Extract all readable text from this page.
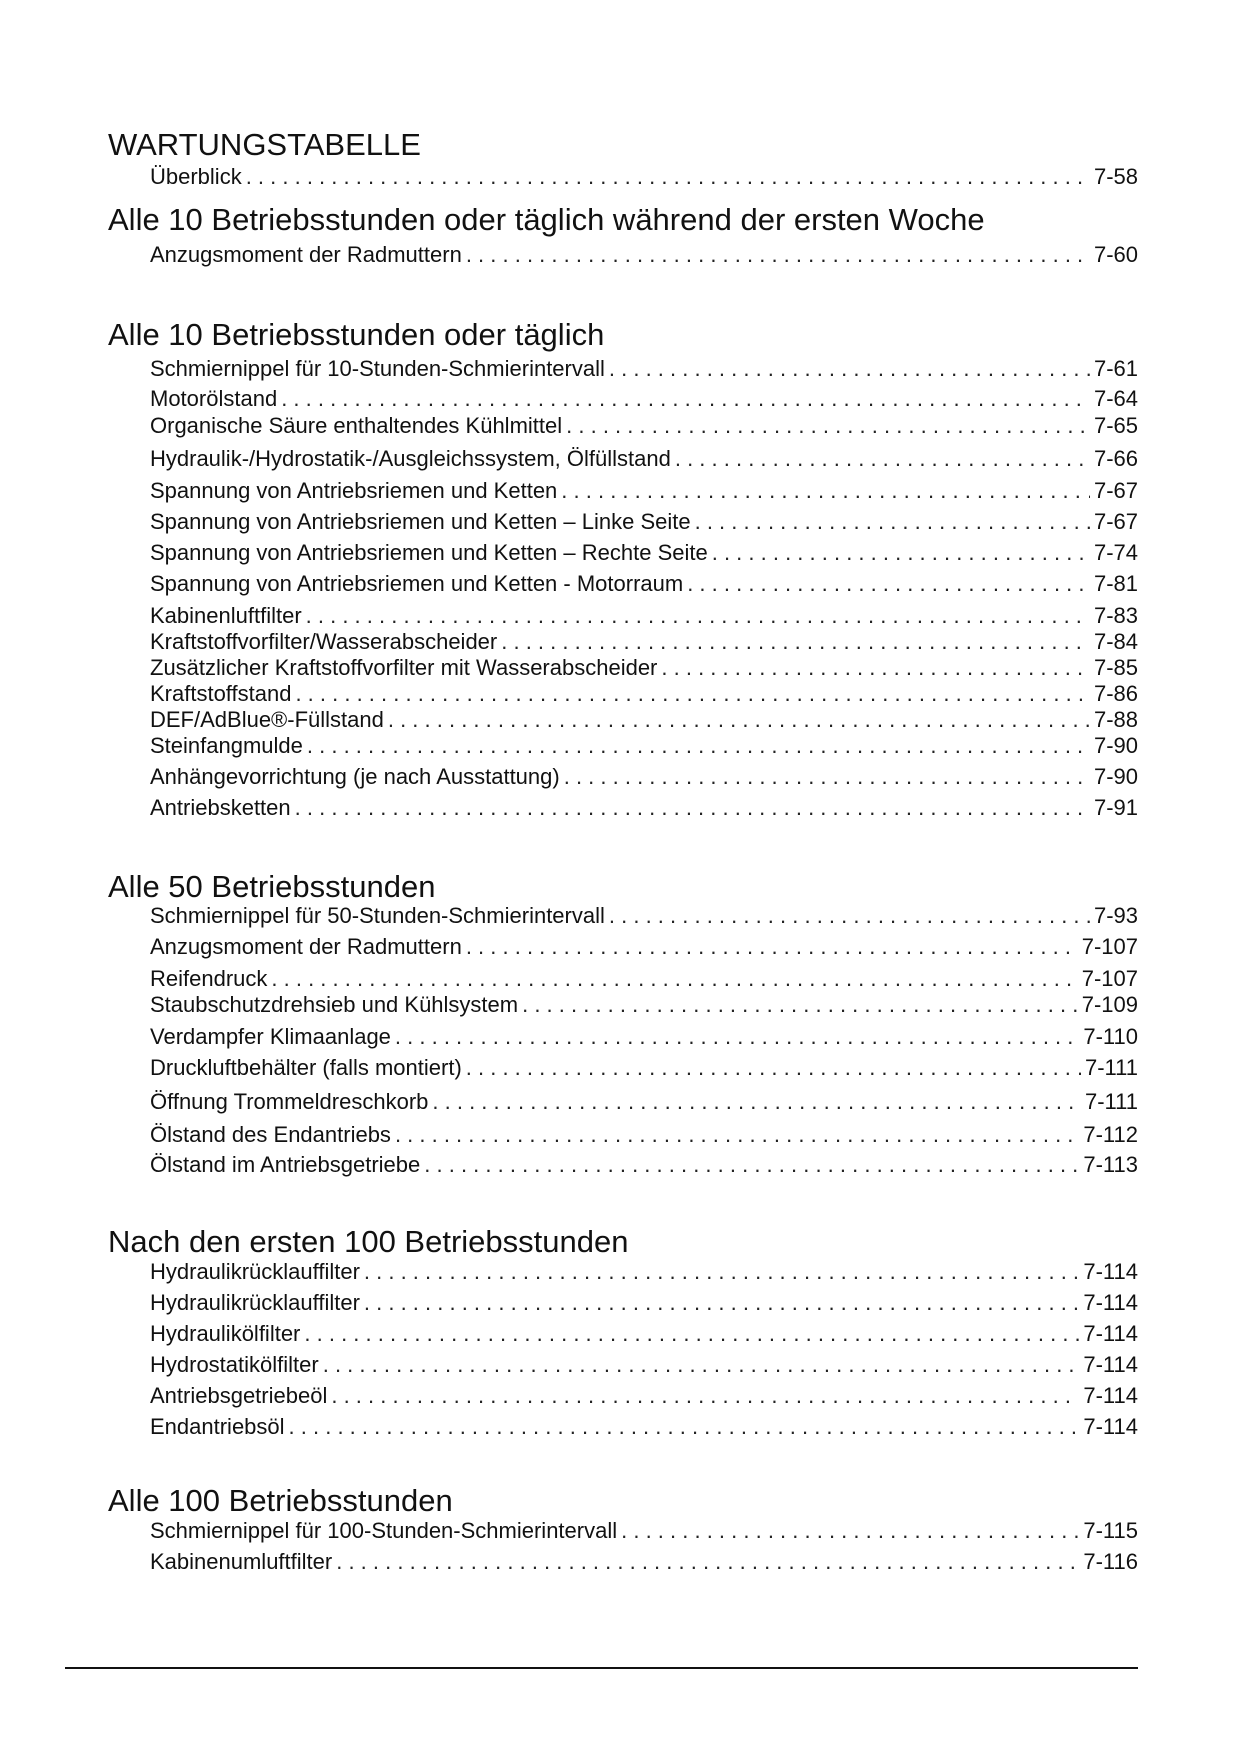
WARTUNGSTABELLE
Überblick . . .	7-58
Alle 10 Betriebsstunden oder täglich während der ersten Woche
Anzugsmoment der Radmuttern . . .	7-60
Alle 10 Betriebsstunden oder täglich
Schmiernippel für 10-Stunden-Schmierintervall . . .	7-61
Motorölstand . . .	7-64
Organische Säure enthaltendes Kühlmittel . . .	7-65
Hydraulik-/Hydrostatik-/Ausgleichssystem, Ölfüllstand . . .	7-66
Spannung von Antriebsriemen und Ketten . . .	7-67
Spannung von Antriebsriemen und Ketten – Linke Seite . . .	7-67
Spannung von Antriebsriemen und Ketten – Rechte Seite . . .	7-74
Spannung von Antriebsriemen und Ketten - Motorraum . . .	7-81
Kabinenluftfilter . . .	7-83
Kraftstoffvorfilter/Wasserabscheider . . .	7-84
Zusätzlicher Kraftstoffvorfilter mit Wasserabscheider . . .	7-85
Kraftstoffstand . . .	7-86
DEF/AdBlue®-Füllstand . . .	7-88
Steinfangmulde . . .	7-90
Anhängevorrichtung (je nach Ausstattung) . . .	7-90
Antriebsketten . . .	7-91
Alle 50 Betriebsstunden
Schmiernippel für 50-Stunden-Schmierintervall . . .	7-93
Anzugsmoment der Radmuttern . . .	7-107
Reifendruck . . .	7-107
Staubschutzdrehsieb und Kühlsystem . . .	7-109
Verdampfer Klimaanlage . . .	7-110
Druckluftbehälter (falls montiert) . . .	7-111
Öffnung Trommeldreschkorb . . .	7-111
Ölstand des Endantriebs . . .	7-112
Ölstand im Antriebsgetriebe . . .	7-113
Nach den ersten 100 Betriebsstunden
Hydraulikrücklauffilter . . .	7-114
Hydraulikrücklauffilter . . .	7-114
Hydraulikölfilter . . .	7-114
Hydrostatikölfilter . . .	7-114
Antriebsgetriebeöl . . .	7-114
Endantriebsöl . . .	7-114
Alle 100 Betriebsstunden
Schmiernippel für 100-Stunden-Schmierintervall . . .	7-115
Kabinenumluftfilter . . .	7-116
